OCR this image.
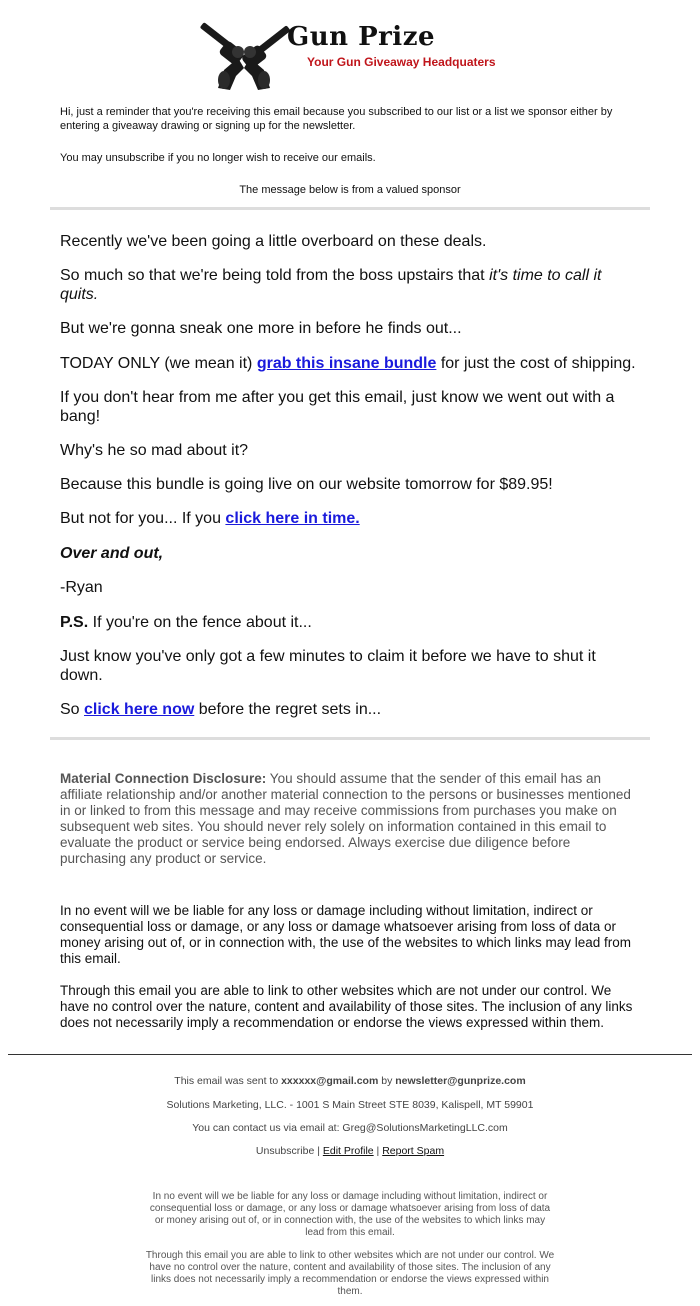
Gun Prize
Your Gun Giveaway Headquaters
Hi, just a reminder that you're receiving this email because you subscribed to our list or a list we sponsor either by entering a giveaway drawing or signing up for the newsletter.
You may unsubscribe if you no longer wish to receive our emails.
The message below is from a valued sponsor
Recently we've been going a little overboard on these deals.
So much so that we're being told from the boss upstairs that it's time to call it quits.
But we're gonna sneak one more in before he finds out...
TODAY ONLY (we mean it) grab this insane bundle for just the cost of shipping.
If you don't hear from me after you get this email, just know we went out with a bang!
Why's he so mad about it?
Because this bundle is going live on our website tomorrow for $89.95!
But not for you... If you click here in time.
Over and out,
-Ryan
P.S. If you're on the fence about it...
Just know you've only got a few minutes to claim it before we have to shut it down.
So click here now before the regret sets in...
Material Connection Disclosure: You should assume that the sender of this email has an affiliate relationship and/or another material connection to the persons or businesses mentioned in or linked to from this message and may receive commissions from purchases you make on subsequent web sites. You should never rely solely on information contained in this email to evaluate the product or service being endorsed. Always exercise due diligence before purchasing any product or service.
In no event will we be liable for any loss or damage including without limitation, indirect or consequential loss or damage, or any loss or damage whatsoever arising from loss of data or money arising out of, or in connection with, the use of the websites to which links may lead from this email.
Through this email you are able to link to other websites which are not under our control. We have no control over the nature, content and availability of those sites. The inclusion of any links does not necessarily imply a recommendation or endorse the views expressed within them.
This email was sent to xxxxxx@gmail.com by newsletter@gunprize.com
Solutions Marketing, LLC. - 1001 S Main Street STE 8039, Kalispell, MT 59901
You can contact us via email at: Greg@SolutionsMarketingLLC.com
Unsubscribe | Edit Profile | Report Spam
In no event will we be liable for any loss or damage including without limitation, indirect or consequential loss or damage, or any loss or damage whatsoever arising from loss of data or money arising out of, or in connection with, the use of the websites to which links may lead from this email.
Through this email you are able to link to other websites which are not under our control. We have no control over the nature, content and availability of those sites. The inclusion of any links does not necessarily imply a recommendation or endorse the views expressed within them.
